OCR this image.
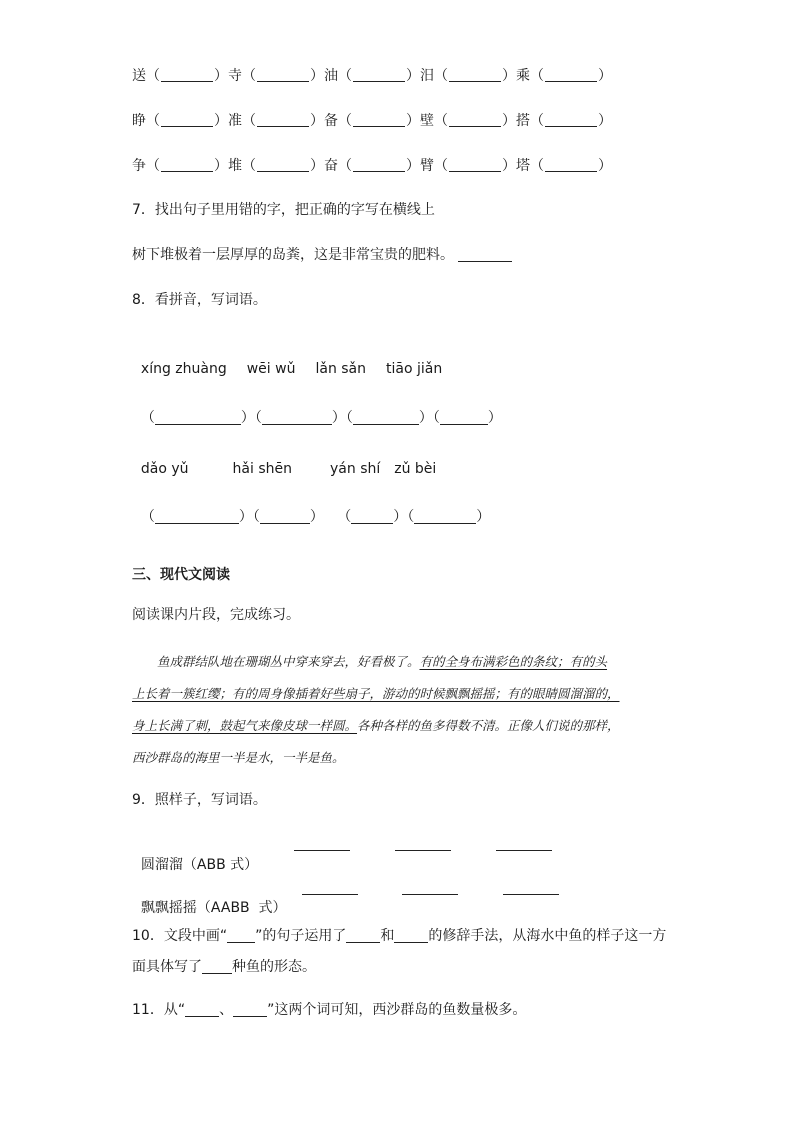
送（	）寺（	）油（	）汨（	）乘（	）
睁（	）准（	）备（	）壁（	）搭（	）
争（	）堆（	）奋（	）臂（	）塔（	）
7．找出句子里用错的字，把正确的字写在横线上
树下堆极着一层厚厚的岛粪，这是非常宝贵的肥料。
8．看拼音，写词语。

xíng zhuàng wēi wǔ lǎn sǎn tiāo jiǎn

（	）（	）（	）（	）

dǎo yǔ	hǎi shēn	yán shí zǔ bèi

（	）（	）   （	）（	）

三、现代文阅读
阅读课内片段，完成练习。
鱼成群结队地在珊瑚丛中穿来穿去，好看极了。有的全身布满彩色的条纹；有的头
上长着一簇红缨；有的周身像插着好些扇子，游动的时候飘飘摇摇；有的眼睛圆溜溜的，
身上长满了刺，鼓起气来像皮球一样圆。各种各样的鱼多得数不清。正像人们说的那样，
西沙群岛的海里一半是水，一半是鱼。
9．照样子，写词语。

圆溜溜（ABB 式）

飘飘摇摇（AABB  式）

10．文段中画“ ”的句子运用了 和 的修辞手法，从海水中鱼的样子这一方
面具体写了 种鱼的形态。
11．从“ 、 ”这两个词可知，西沙群岛的鱼数量极多。
